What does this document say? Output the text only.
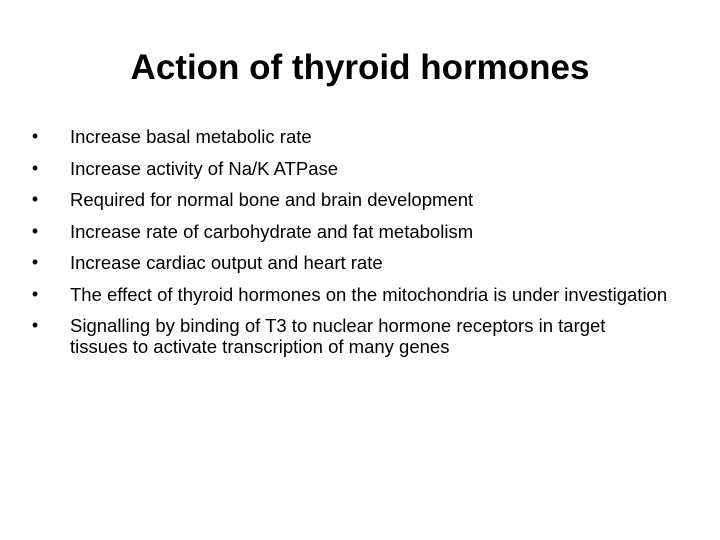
Action of thyroid hormones
• Increase basal metabolic rate
• Increase activity of Na/K ATPase
• Required for normal bone and brain development
• Increase rate of carbohydrate and fat metabolism
• Increase cardiac output and heart rate
• The effect of thyroid hormones on the mitochondria is under investigation
• Signalling by binding of T3 to nuclear hormone receptors in target tissues to activate transcription of many genes
